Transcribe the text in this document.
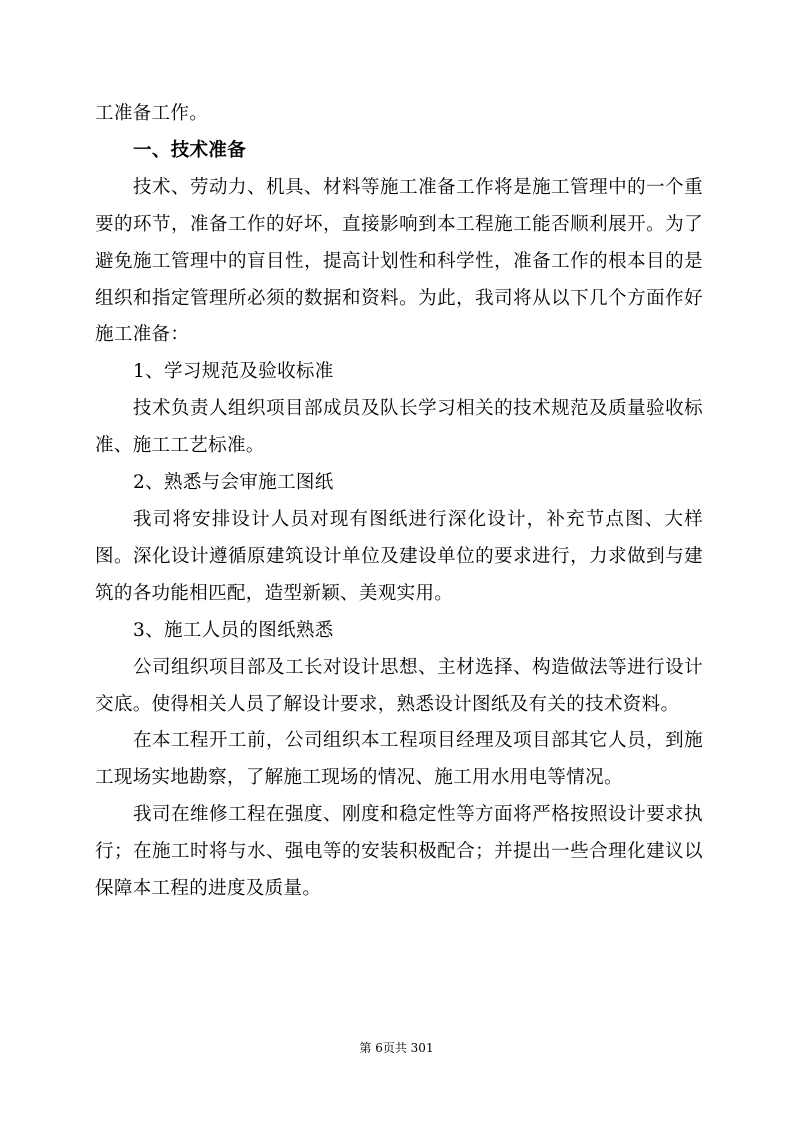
工准备工作。

一、技术准备

技术、劳动力、机具、材料等施工准备工作将是施工管理中的一个重要的环节，准备工作的好坏，直接影响到本工程施工能否顺利展开。为了避免施工管理中的盲目性，提高计划性和科学性，准备工作的根本目的是组织和指定管理所必须的数据和资料。为此，我司将从以下几个方面作好施工准备：

1、学习规范及验收标准

技术负责人组织项目部成员及队长学习相关的技术规范及质量验收标准、施工工艺标准。

2、熟悉与会审施工图纸

我司将安排设计人员对现有图纸进行深化设计，补充节点图、大样图。深化设计遵循原建筑设计单位及建设单位的要求进行，力求做到与建筑的各功能相匹配，造型新颖、美观实用。

3、施工人员的图纸熟悉

公司组织项目部及工长对设计思想、主材选择、构造做法等进行设计交底。使得相关人员了解设计要求，熟悉设计图纸及有关的技术资料。

在本工程开工前，公司组织本工程项目经理及项目部其它人员，到施工现场实地勘察，了解施工现场的情况、施工用水用电等情况。

我司在维修工程在强度、刚度和稳定性等方面将严格按照设计要求执行；在施工时将与水、强电等的安装积极配合；并提出一些合理化建议以保障本工程的进度及质量。

第 6页共 301
